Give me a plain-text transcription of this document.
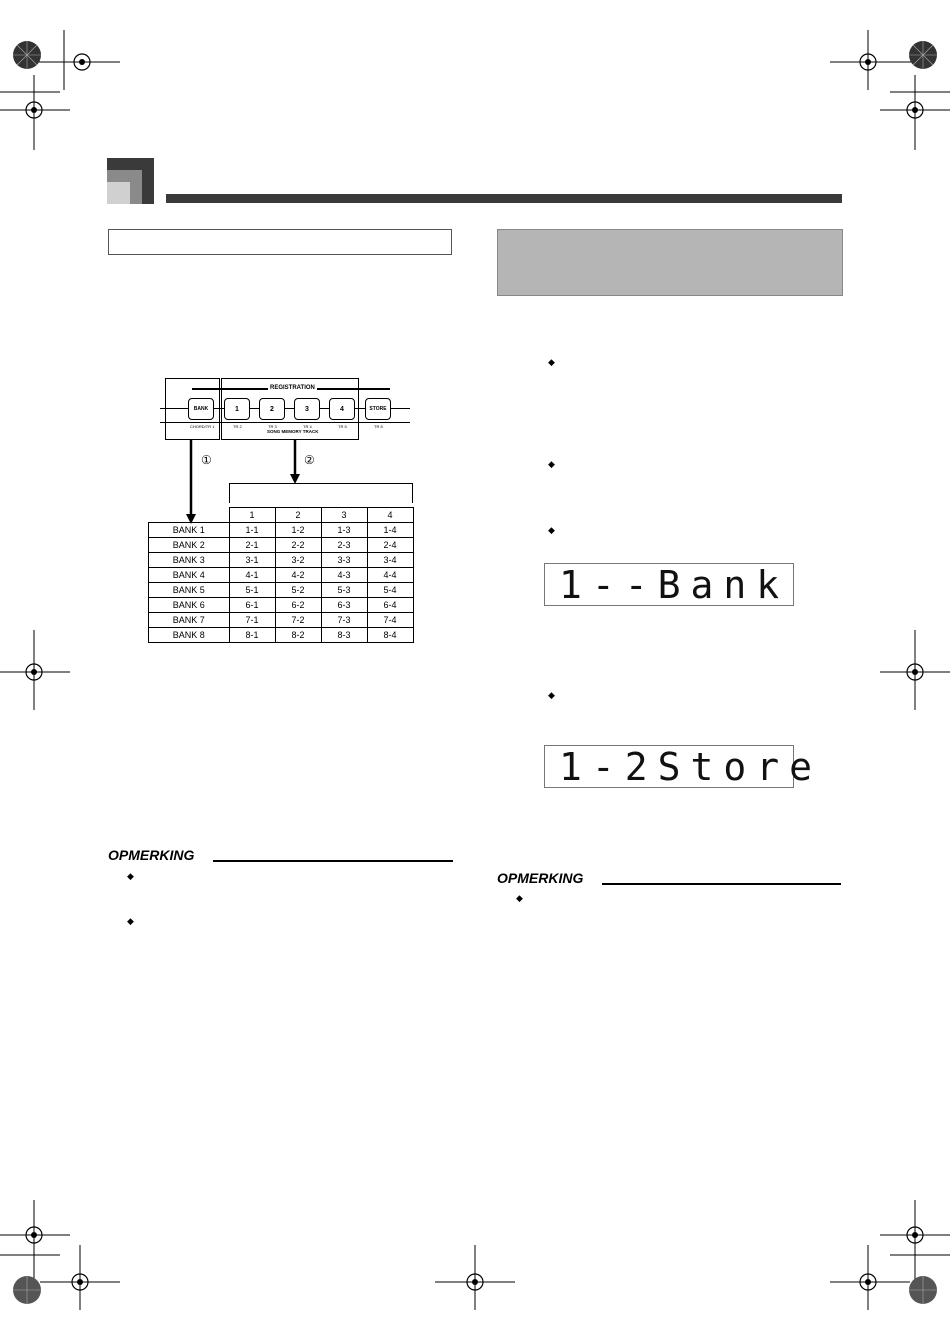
REGISTRATION
BANK	1	2	3	4	STORE
CHORD/TR 1	TR 2	TR 3	TR 4	TR 5	TR 6
SONG MEMORY TRACK
①	②
	1	2	3	4
BANK 1	1-1	1-2	1-3	1-4
BANK 2	2-1	2-2	2-3	2-4
BANK 3	3-1	3-2	3-3	3-4
BANK 4	4-1	4-2	4-3	4-4
BANK 5	5-1	5-2	5-3	5-4
BANK 6	6-1	6-2	6-3	6-4
BANK 7	7-1	7-2	7-3	7-4
BANK 8	8-1	8-2	8-3	8-4
OPMERKING
◆
◆
◆
◆
◆
1--Bank
◆
1-2Store
OPMERKING
◆
